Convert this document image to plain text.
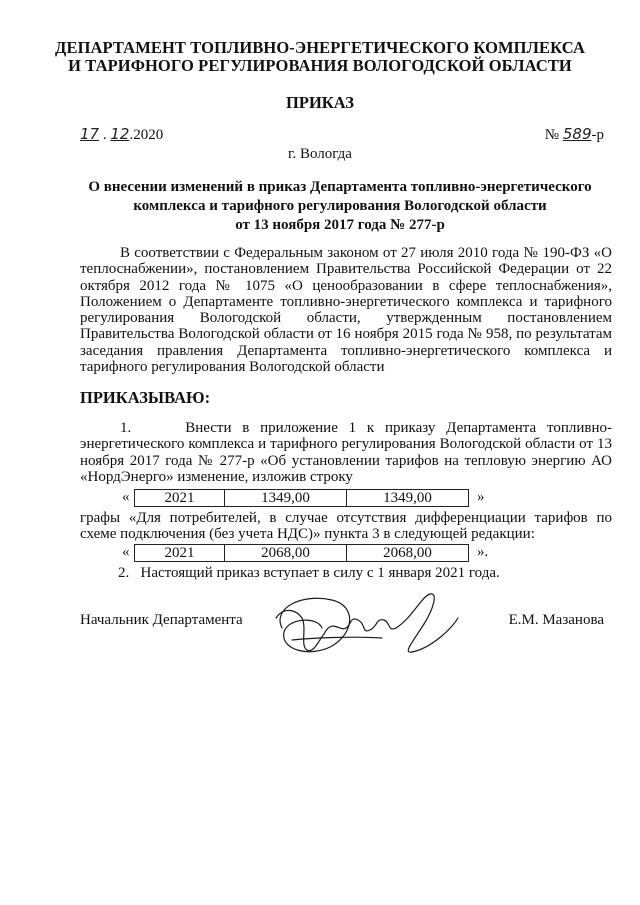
ДЕПАРТАМЕНТ ТОПЛИВНО-ЭНЕРГЕТИЧЕСКОГО КОМПЛЕКСА
И ТАРИФНОГО РЕГУЛИРОВАНИЯ ВОЛОГОДСКОЙ ОБЛАСТИ
ПРИКАЗ
17 . 12.2020	№ 589-р
г. Вологда
О внесении изменений в приказ Департамента топливно-энергетического
комплекса и тарифного регулирования Вологодской области
от 13 ноября 2017 года № 277-р
В соответствии с Федеральным законом от 27 июля 2010 года № 190-ФЗ «О теплоснабжении», постановлением Правительства Российской Федерации от 22 октября 2012 года № 1075 «О ценообразовании в сфере теплоснабжения», Положением о Департаменте топливно-энергетического комплекса и тарифного регулирования Вологодской области, утвержденным постановлением Правительства Вологодской области от 16 ноября 2015 года № 958, по результатам заседания правления Департамента топливно-энергетического комплекса и тарифного регулирования Вологодской области
ПРИКАЗЫВАЮ:
1.     Внести в приложение 1 к приказу Департамента топливно-энергетического комплекса и тарифного регулирования Вологодской области от 13 ноября 2017 года № 277-р «Об установлении тарифов на тепловую энергию АО «НордЭнерго» изменение, изложив строку
«	2021	1349,00	1349,00	»
графы «Для потребителей, в случае отсутствия дифференциации тарифов по схеме подключения (без учета НДС)» пункта 3 в следующей редакции:
«	2021	2068,00	2068,00	».
2.   Настоящий приказ вступает в силу с 1 января 2021 года.
Начальник Департамента	Е.М. Мазанова
